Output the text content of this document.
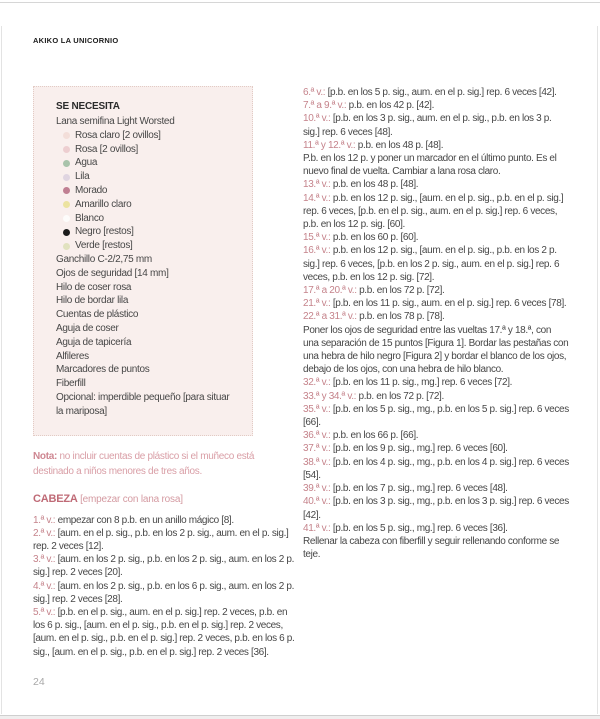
AKIKO LA UNICORNIO
SE NECESITA
Lana semifina Light Worsted
Rosa claro [2 ovillos]
Rosa [2 ovillos]
Agua
Lila
Morado
Amarillo claro
Blanco
Negro [restos]
Verde [restos]
Ganchillo C-2/2,75 mm
Ojos de seguridad [14 mm]
Hilo de coser rosa
Hilo de bordar lila
Cuentas de plástico
Aguja de coser
Aguja de tapicería
Alfileres
Marcadores de puntos
Fiberfill
Opcional: imperdible pequeño [para situar la mariposa]

Nota: no incluir cuentas de plástico si el muñeco está destinado a niños menores de tres años.

CABEZA [empezar con lana rosa]

1.ª v.: empezar con 8 p.b. en un anillo mágico [8].

2.ª v.: [aum. en el p. sig., p.b. en los 2 p. sig., aum. en el p. sig.] rep. 2 veces [12].

3.ª v.: [aum. en los 2 p. sig., p.b. en los 2 p. sig., aum. en los 2 p. sig.] rep. 2 veces [20].

4.ª v.: [aum. en los 2 p. sig., p.b. en los 6 p. sig., aum. en los 2 p. sig.] rep. 2 veces [28].

5.ª v.: [p.b. en el p. sig., aum. en el p. sig.] rep. 2 veces, p.b. en los 6 p. sig., [aum. en el p. sig., p.b. en el p. sig.] rep. 2 veces, [aum. en el p. sig., p.b. en el p. sig.] rep. 2 veces, p.b. en los 6 p. sig., [aum. en el p. sig., p.b. en el p. sig.] rep. 2 veces [36].

6.ª v.: [p.b. en los 5 p. sig., aum. en el p. sig.] rep. 6 veces [42].

7.ª a 9.ª v.: p.b. en los 42 p. [42].

10.ª v.: [p.b. en los 3 p. sig., aum. en el p. sig., p.b. en los 3 p. sig.] rep. 6 veces [48].

11.ª y 12.ª v.: p.b. en los 48 p. [48].

P.b. en los 12 p. y poner un marcador en el último punto. Es el nuevo final de vuelta. Cambiar a lana rosa claro.

13.ª v.: p.b. en los 48 p. [48].

14.ª v.: p.b. en los 12 p. sig., [aum. en el p. sig., p.b. en el p. sig.] rep. 6 veces, [p.b. en el p. sig., aum. en el p. sig.] rep. 6 veces, p.b. en los 12 p. sig. [60].

15.ª v.: p.b. en los 60 p. [60].

16.ª v.: p.b. en los 12 p. sig., [aum. en el p. sig., p.b. en los 2 p. sig.] rep. 6 veces, [p.b. en los 2 p. sig., aum. en el p. sig.] rep. 6 veces, p.b. en los 12 p. sig. [72].

17.ª a 20.ª v.: p.b. en los 72 p. [72].

21.ª v.: [p.b. en los 11 p. sig., aum. en el p. sig.] rep. 6 veces [78].

22.ª a 31.ª v.: p.b. en los 78 p. [78].

Poner los ojos de seguridad entre las vueltas 17.ª y 18.ª, con una separación de 15 puntos [Figura 1]. Bordar las pestañas con una hebra de hilo negro [Figura 2] y bordar el blanco de los ojos, debajo de los ojos, con una hebra de hilo blanco.

32.ª v.: [p.b. en los 11 p. sig., mg.] rep. 6 veces [72].

33.ª y 34.ª v.: p.b. en los 72 p. [72].

35.ª v.: [p.b. en los 5 p. sig., mg., p.b. en los 5 p. sig.] rep. 6 veces [66].

36.ª v.: p.b. en los 66 p. [66].

37.ª v.: [p.b. en los 9 p. sig., mg.] rep. 6 veces [60].

38.ª v.: [p.b. en los 4 p. sig., mg., p.b. en los 4 p. sig.] rep. 6 veces [54].

39.ª v.: [p.b. en los 7 p. sig., mg.] rep. 6 veces [48].

40.ª v.: [p.b. en los 3 p. sig., mg., p.b. en los 3 p. sig.] rep. 6 veces [42].

41.ª v.: [p.b. en los 5 p. sig., mg.] rep. 6 veces [36].

Rellenar la cabeza con fiberfill y seguir rellenando conforme se teje.

24
